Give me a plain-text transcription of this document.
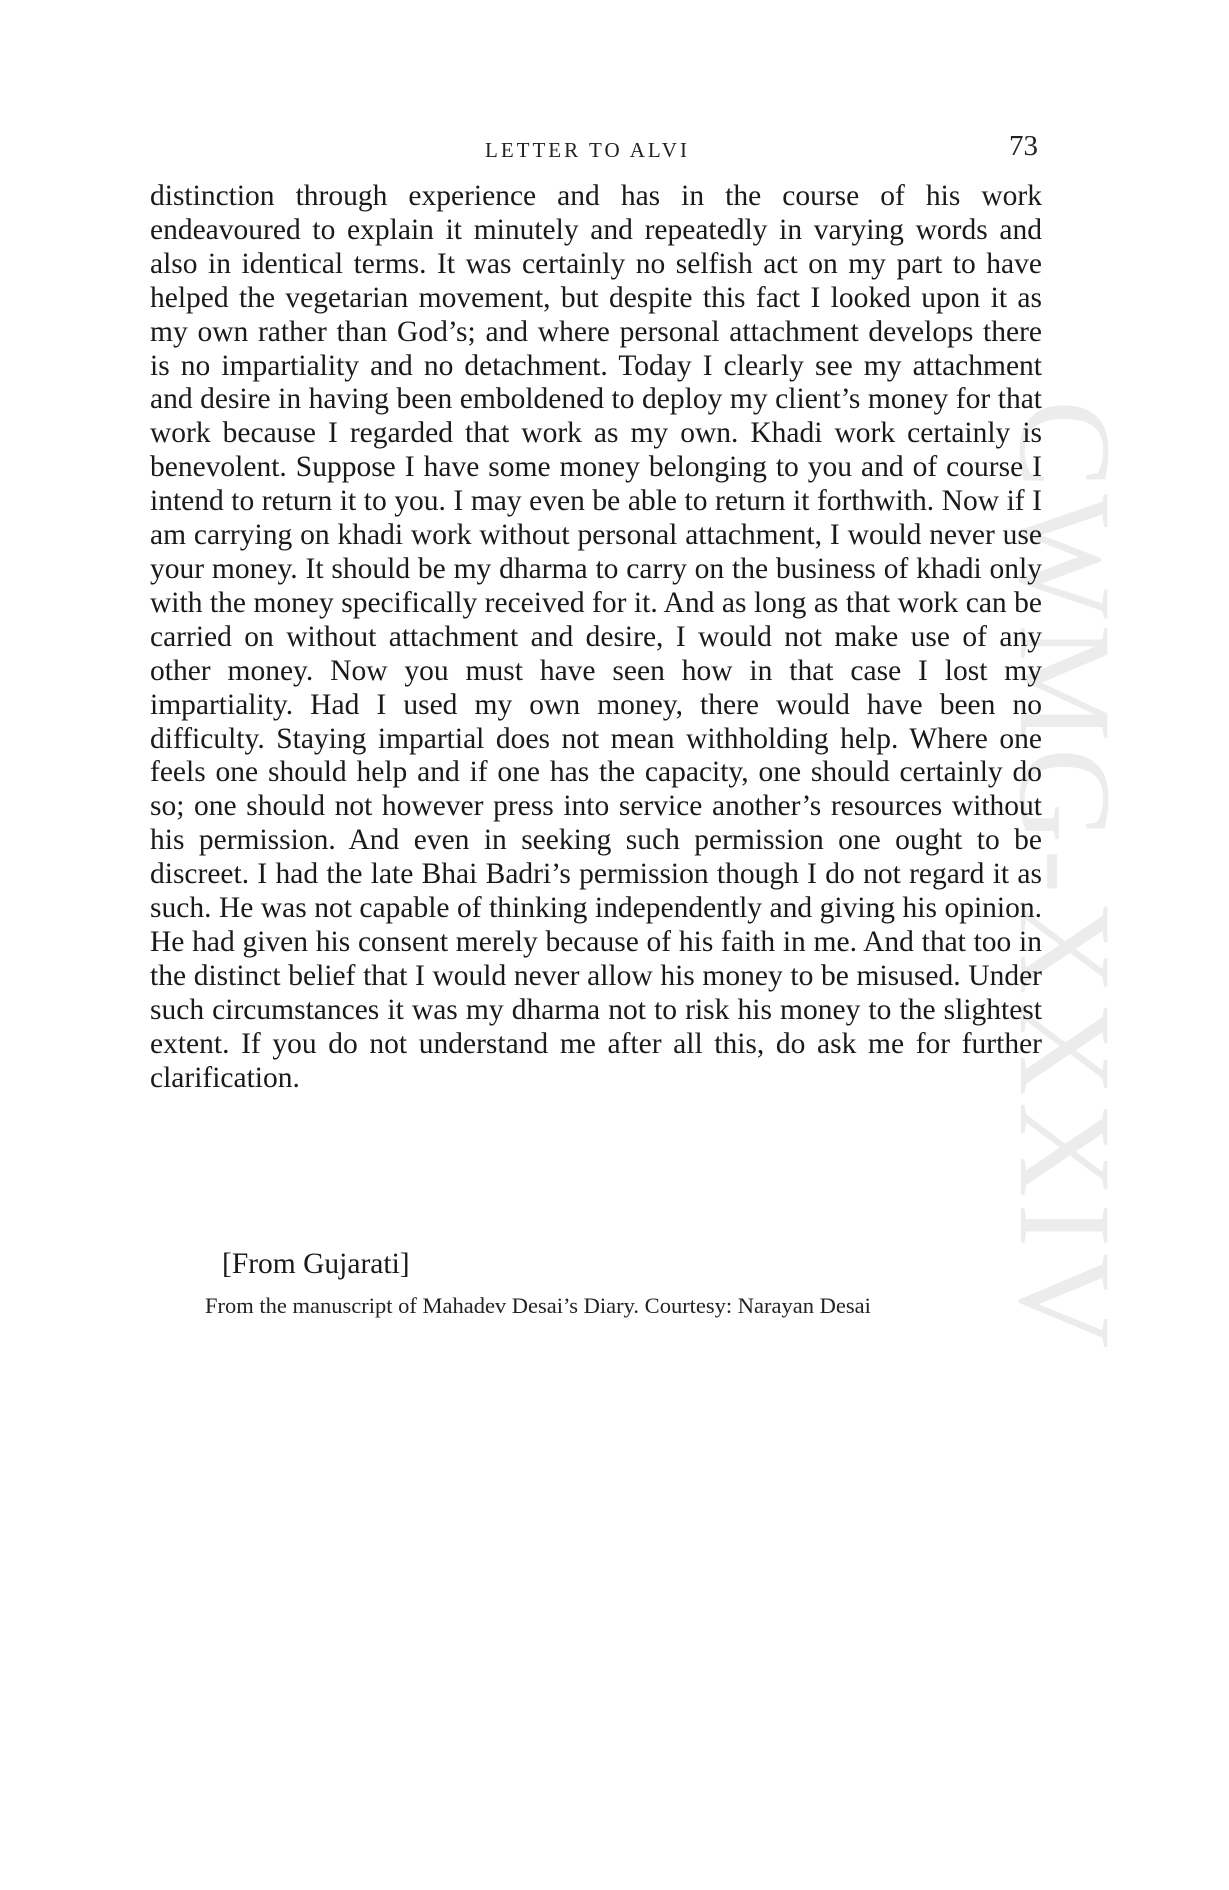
CWMG-XXXIV
LETTER TO ALVI	73

distinction through experience and has in the course of his work endeavoured to explain it minutely and repeatedly in varying words and also in identical terms. It was certainly no selfish act on my part to have helped the vegetarian movement, but despite this fact I looked upon it as my own rather than God’s; and where personal attachment develops there is no impartiality and no detachment. Today I clearly see my attachment and desire in having been emboldened to deploy my client’s money for that work because I regarded that work as my own. Khadi work certainly is benevolent. Suppose I have some money belonging to you and of course I intend to return it to you. I may even be able to return it forthwith. Now if I am carrying on khadi work without personal attachment, I would never use your money. It should be my dharma to carry on the business of khadi only with the money specifically received for it. And as long as that work can be carried on without attachment and desire, I would not make use of any other money. Now you must have seen how in that case I lost my impartiality. Had I used my own money, there would have been no difficulty. Staying impartial does not mean withholding help. Where one feels one should help and if one has the capacity, one should certainly do so; one should not however press into service another’s resources without his permission. And even in seeking such permission one ought to be discreet. I had the late Bhai Badri’s permission though I do not regard it as such. He was not capable of thinking independently and giving his opinion. He had given his consent merely because of his faith in me. And that too in the distinct belief that I would never allow his money to be misused. Under such circumstances it was my dharma not to risk his money to the slightest extent. If you do not understand me after all this, do ask me for further clarification.

[From Gujarati]

From the manuscript of Mahadev Desai’s Diary. Courtesy: Narayan Desai
